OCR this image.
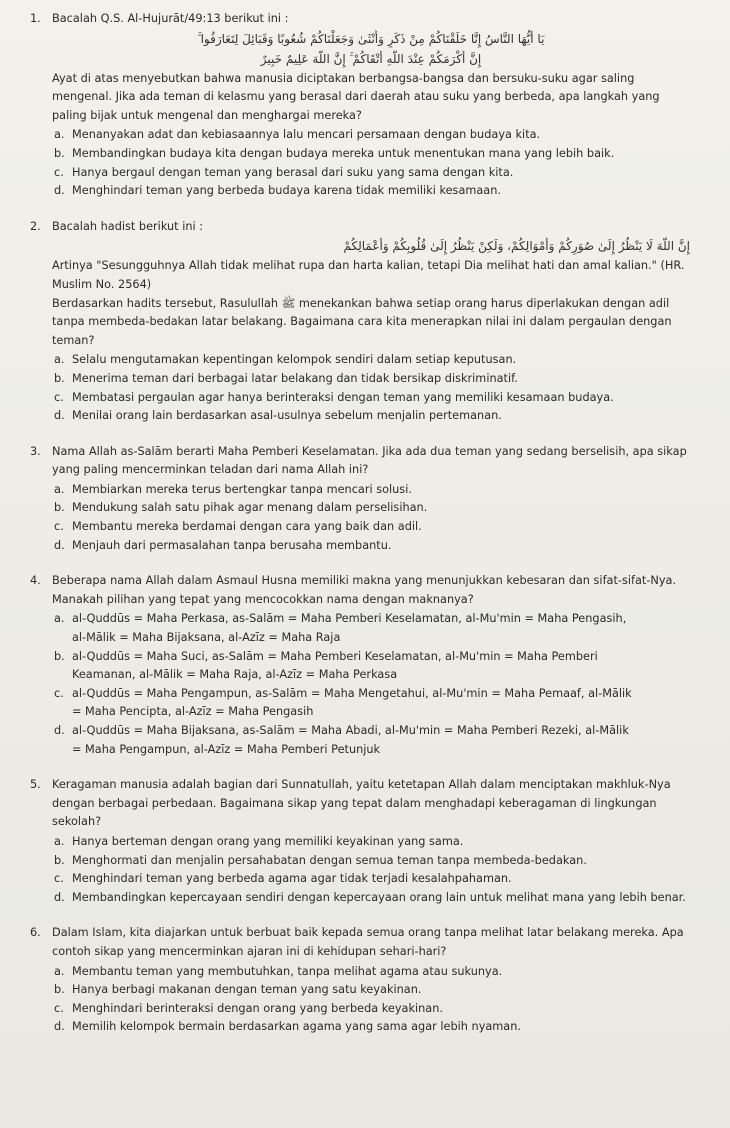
1. Bacalah Q.S. Al-Hujurāt/49:13 berikut ini :

يَا أَيُّهَا النَّاسُ إِنَّا خَلَقْنَاكُمْ مِنْ ذَكَرٍ وَأُنْثَىٰ وَجَعَلْنَاكُمْ شُعُوبًا وَقَبَائِلَ لِتَعَارَفُوا ۚ
إِنَّ أَكْرَمَكُمْ عِنْدَ اللَّهِ أَتْقَاكُمْ ۚ إِنَّ اللَّهَ عَلِيمٌ خَبِيرٌ

Ayat di atas menyebutkan bahwa manusia diciptakan berbangsa-bangsa dan bersuku-suku agar saling mengenal. Jika ada teman di kelasmu yang berasal dari daerah atau suku yang berbeda, apa langkah yang paling bijak untuk mengenal dan menghargai mereka?

a. Menanyakan adat dan kebiasaannya lalu mencari persamaan dengan budaya kita.
b. Membandingkan budaya kita dengan budaya mereka untuk menentukan mana yang lebih baik.
c. Hanya bergaul dengan teman yang berasal dari suku yang sama dengan kita.
d. Menghindari teman yang berbeda budaya karena tidak memiliki kesamaan.
2. Bacalah hadist berikut ini :

إِنَّ اللَّهَ لَا يَنْظُرُ إِلَىٰ صُوَرِكُمْ وَأَمْوَالِكُمْ، وَلَكِنْ يَنْظُرُ إِلَىٰ قُلُوبِكُمْ وَأَعْمَالِكُمْ

Artinya "Sesungguhnya Allah tidak melihat rupa dan harta kalian, tetapi Dia melihat hati dan amal kalian." (HR. Muslim No. 2564)

Berdasarkan hadits tersebut, Rasulullah ﷺ menekankan bahwa setiap orang harus diperlakukan dengan adil tanpa membeda-bedakan latar belakang. Bagaimana cara kita menerapkan nilai ini dalam pergaulan dengan teman?

a. Selalu mengutamakan kepentingan kelompok sendiri dalam setiap keputusan.
b. Menerima teman dari berbagai latar belakang dan tidak bersikap diskriminatif.
c. Membatasi pergaulan agar hanya berinteraksi dengan teman yang memiliki kesamaan budaya.
d. Menilai orang lain berdasarkan asal-usulnya sebelum menjalin pertemanan.
3. Nama Allah as-Salām berarti Maha Pemberi Keselamatan. Jika ada dua teman yang sedang berselisih, apa sikap yang paling mencerminkan teladan dari nama Allah ini?

a. Membiarkan mereka terus bertengkar tanpa mencari solusi.
b. Mendukung salah satu pihak agar menang dalam perselisihan.
c. Membantu mereka berdamai dengan cara yang baik dan adil.
d. Menjauh dari permasalahan tanpa berusaha membantu.
4. Beberapa nama Allah dalam Asmaul Husna memiliki makna yang menunjukkan kebesaran dan sifat-sifat-Nya. Manakah pilihan yang tepat yang mencocokkan nama dengan maknanya?

a. al-Quddūs = Maha Perkasa, as-Salām = Maha Pemberi Keselamatan, al-Mu'min = Maha Pengasih,
al-Mālik = Maha Bijaksana, al-Azīz = Maha Raja
b. al-Quddūs = Maha Suci, as-Salām = Maha Pemberi Keselamatan, al-Mu'min = Maha Pemberi
Keamanan, al-Mālik = Maha Raja, al-Azīz = Maha Perkasa
c. al-Quddūs = Maha Pengampun, as-Salām = Maha Mengetahui, al-Mu'min = Maha Pemaaf, al-Mālik
= Maha Pencipta, al-Azīz = Maha Pengasih
d. al-Quddūs = Maha Bijaksana, as-Salām = Maha Abadi, al-Mu'min = Maha Pemberi Rezeki, al-Mālik
= Maha Pengampun, al-Azīz = Maha Pemberi Petunjuk
5. Keragaman manusia adalah bagian dari Sunnatullah, yaitu ketetapan Allah dalam menciptakan makhluk-Nya dengan berbagai perbedaan. Bagaimana sikap yang tepat dalam menghadapi keberagaman di lingkungan sekolah?

a. Hanya berteman dengan orang yang memiliki keyakinan yang sama.
b. Menghormati dan menjalin persahabatan dengan semua teman tanpa membeda-bedakan.
c. Menghindari teman yang berbeda agama agar tidak terjadi kesalahpahaman.
d. Membandingkan kepercayaan sendiri dengan kepercayaan orang lain untuk melihat mana yang lebih benar.
6. Dalam Islam, kita diajarkan untuk berbuat baik kepada semua orang tanpa melihat latar belakang mereka. Apa contoh sikap yang mencerminkan ajaran ini di kehidupan sehari-hari?

a. Membantu teman yang membutuhkan, tanpa melihat agama atau sukunya.
b. Hanya berbagi makanan dengan teman yang satu keyakinan.
c. Menghindari berinteraksi dengan orang yang berbeda keyakinan.
d. Memilih kelompok bermain berdasarkan agama yang sama agar lebih nyaman.
